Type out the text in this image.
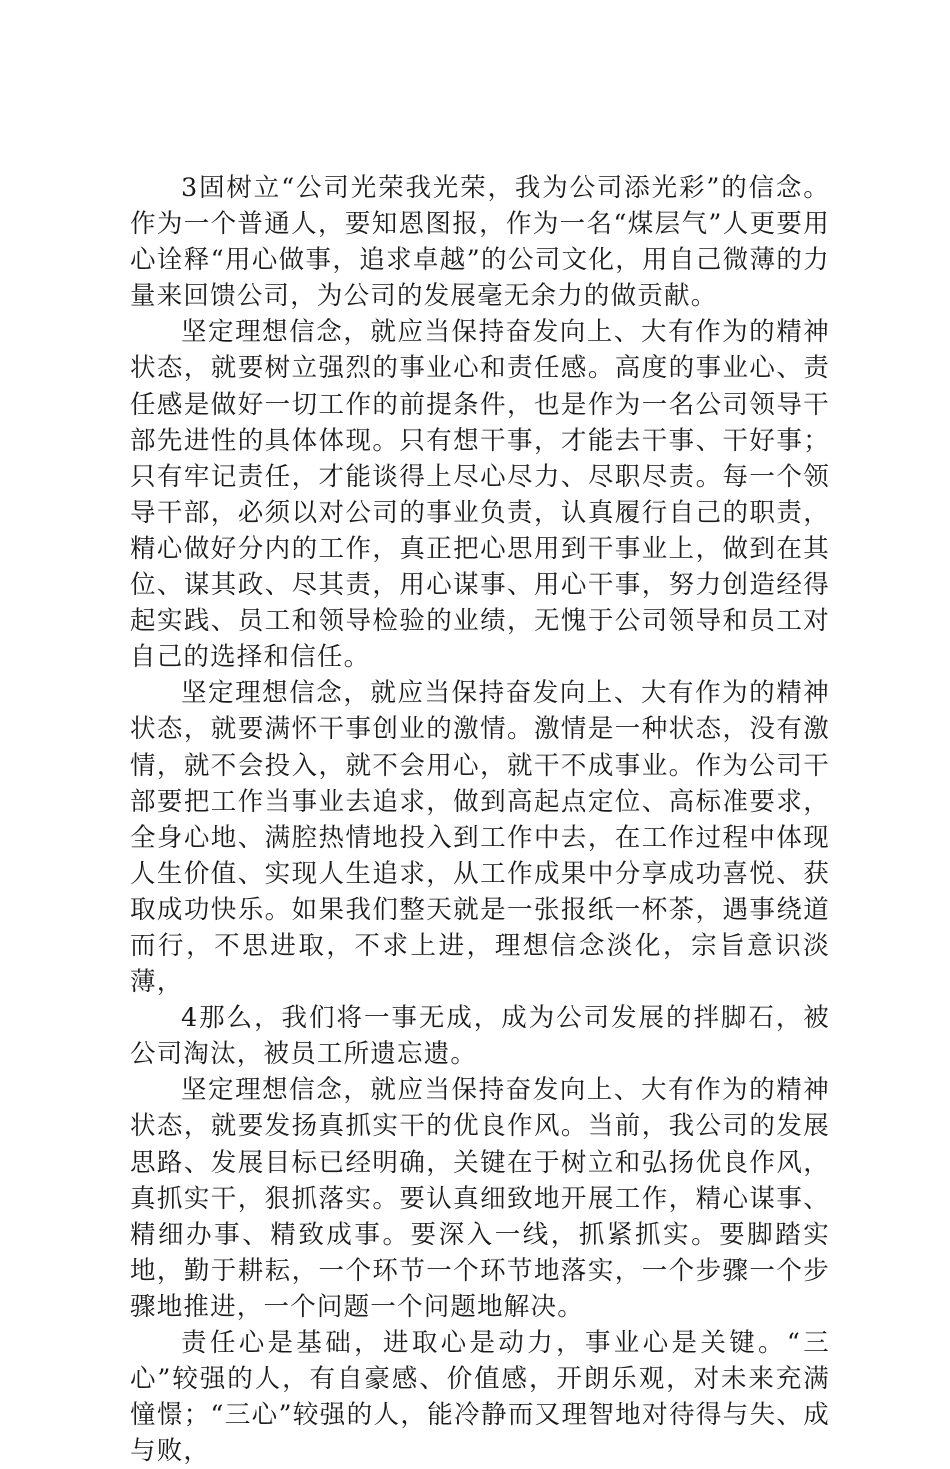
3固树立“公司光荣我光荣，我为公司添光彩”的信念。作为一个普通人，要知恩图报，作为一名“煤层气”人更要用心诠释“用心做事，追求卓越”的公司文化，用自己微薄的力量来回馈公司，为公司的发展毫无余力的做贡献。

坚定理想信念，就应当保持奋发向上、大有作为的精神状态，就要树立强烈的事业心和责任感。高度的事业心、责任感是做好一切工作的前提条件，也是作为一名公司领导干部先进性的具体体现。只有想干事，才能去干事、干好事；只有牢记责任，才能谈得上尽心尽力、尽职尽责。每一个领导干部，必须以对公司的事业负责，认真履行自己的职责，精心做好分内的工作，真正把心思用到干事业上，做到在其位、谋其政、尽其责，用心谋事、用心干事，努力创造经得起实践、员工和领导检验的业绩，无愧于公司领导和员工对自己的选择和信任。

坚定理想信念，就应当保持奋发向上、大有作为的精神状态，就要满怀干事创业的激情。激情是一种状态，没有激情，就不会投入，就不会用心，就干不成事业。作为公司干部要把工作当事业去追求，做到高起点定位、高标准要求，全身心地、满腔热情地投入到工作中去，在工作过程中体现人生价值、实现人生追求，从工作成果中分享成功喜悦、获取成功快乐。如果我们整天就是一张报纸一杯茶，遇事绕道而行，不思进取，不求上进，理想信念淡化，宗旨意识淡薄，

4那么，我们将一事无成，成为公司发展的拌脚石，被公司淘汰，被员工所遗忘遗。

坚定理想信念，就应当保持奋发向上、大有作为的精神状态，就要发扬真抓实干的优良作风。当前，我公司的发展思路、发展目标已经明确，关键在于树立和弘扬优良作风，真抓实干，狠抓落实。要认真细致地开展工作，精心谋事、精细办事、精致成事。要深入一线，抓紧抓实。要脚踏实地，勤于耕耘，一个环节一个环节地落实，一个步骤一个步骤地推进，一个问题一个问题地解决。

责任心是基础，进取心是动力，事业心是关键。“三心”较强的人，有自豪感、价值感，开朗乐观，对未来充满憧憬；“三心”较强的人，能冷静而又理智地对待得与失、成与败，
